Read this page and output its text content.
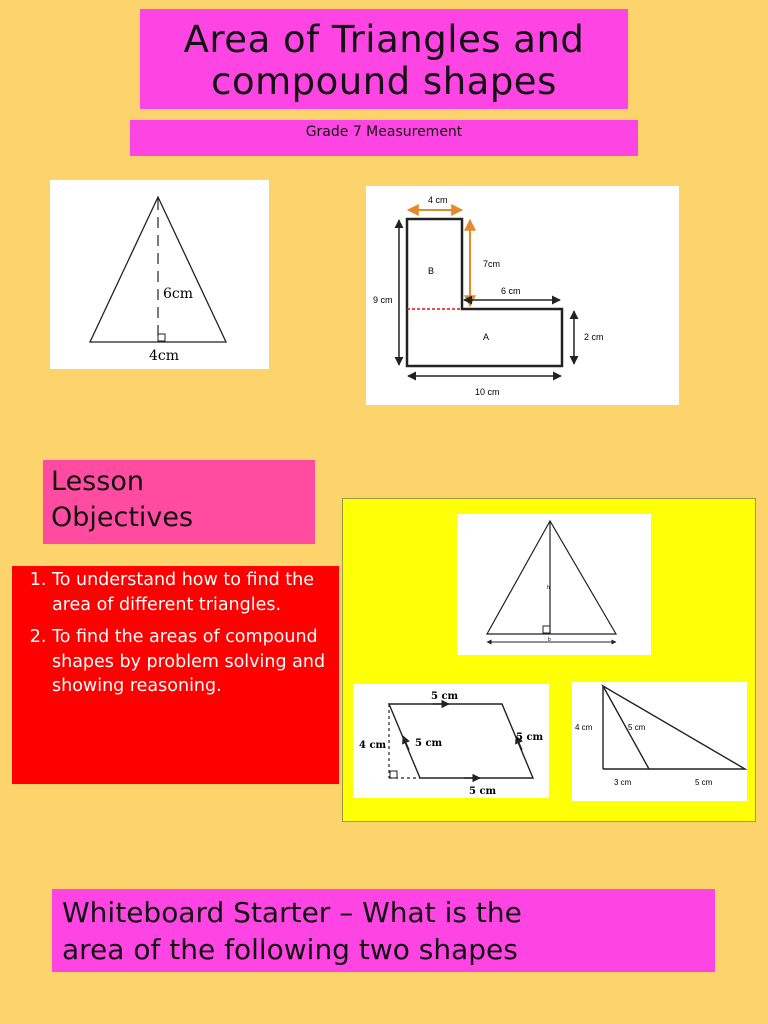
Area of Triangles and
compound shapes
Grade 7 Measurement
6cm
4cm
4 cm
7cm
6 cm
9 cm
2 cm
10 cm
B
A
Lesson
Objectives
1. To understand how to find the area of different triangles.
2. To find the areas of compound shapes by problem solving and showing reasoning.
h
b
5 cm
5 cm
5 cm
4 cm
5 cm
4 cm	5 cm
3 cm	5 cm
Whiteboard Starter – What is the
area of the following two shapes
